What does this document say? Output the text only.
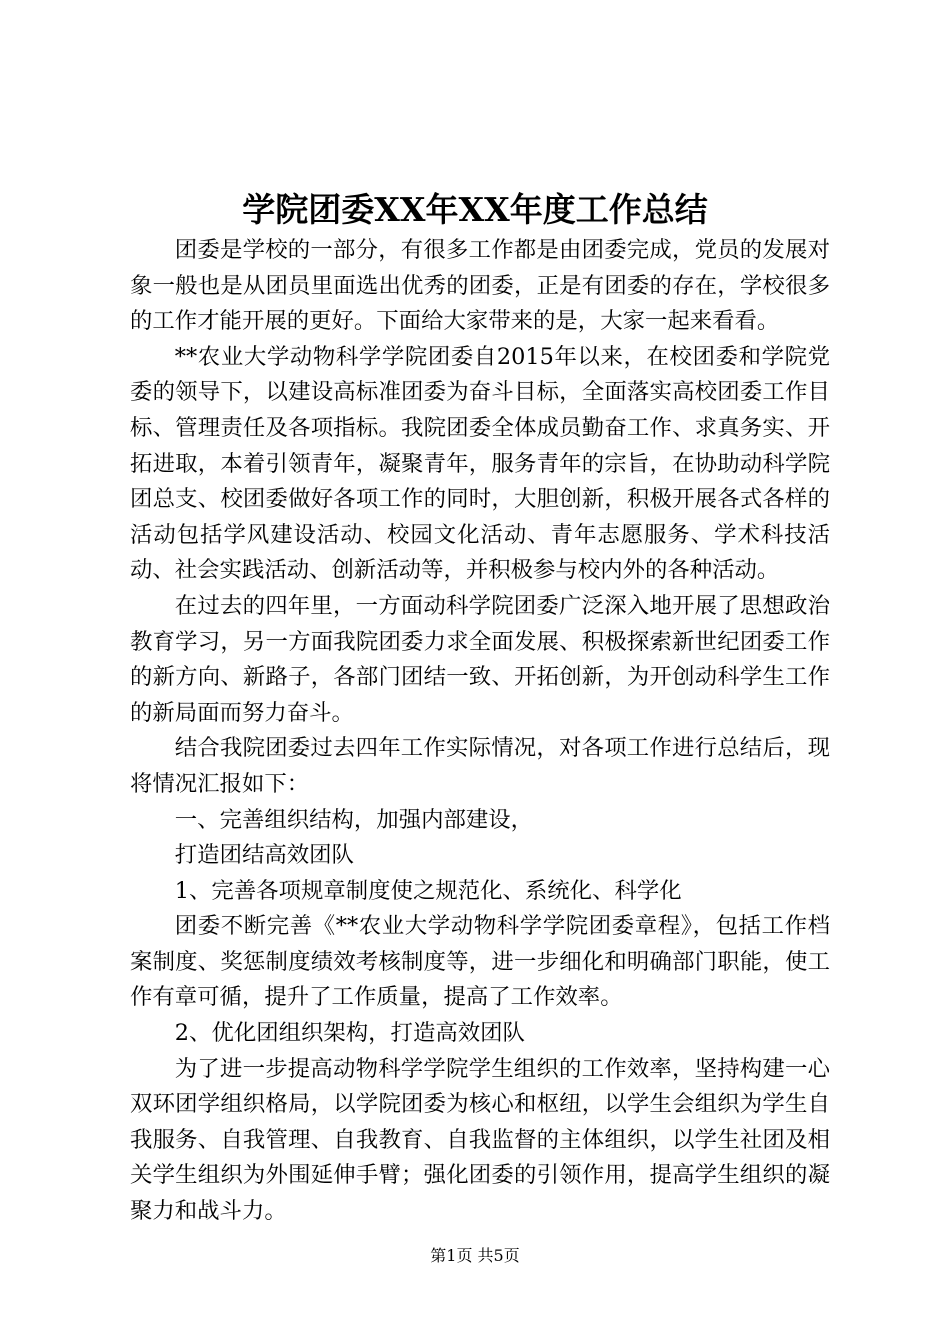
学院团委XX年XX年度工作总结

团委是学校的一部分，有很多工作都是由团委完成，党员的发展对象一般也是从团员里面选出优秀的团委，正是有团委的存在，学校很多的工作才能开展的更好。下面给大家带来的是，大家一起来看看。

**农业大学动物科学学院团委自2015年以来，在校团委和学院党委的领导下，以建设高标准团委为奋斗目标，全面落实高校团委工作目标、管理责任及各项指标。我院团委全体成员勤奋工作、求真务实、开拓进取，本着引领青年，凝聚青年，服务青年的宗旨，在协助动科学院团总支、校团委做好各项工作的同时，大胆创新，积极开展各式各样的活动包括学风建设活动、校园文化活动、青年志愿服务、学术科技活动、社会实践活动、创新活动等，并积极参与校内外的各种活动。

在过去的四年里，一方面动科学院团委广泛深入地开展了思想政治教育学习，另一方面我院团委力求全面发展、积极探索新世纪团委工作的新方向、新路子，各部门团结一致、开拓创新，为开创动科学生工作的新局面而努力奋斗。

结合我院团委过去四年工作实际情况，对各项工作进行总结后，现将情况汇报如下：

一、完善组织结构，加强内部建设，

打造团结高效团队

1、完善各项规章制度使之规范化、系统化、科学化

团委不断完善《**农业大学动物科学学院团委章程》，包括工作档案制度、奖惩制度绩效考核制度等，进一步细化和明确部门职能，使工作有章可循，提升了工作质量，提高了工作效率。

2、优化团组织架构，打造高效团队

为了进一步提高动物科学学院学生组织的工作效率，坚持构建一心双环团学组织格局，以学院团委为核心和枢纽，以学生会组织为学生自我服务、自我管理、自我教育、自我监督的主体组织，以学生社团及相关学生组织为外围延伸手臂；强化团委的引领作用，提高学生组织的凝聚力和战斗力。

第1页 共5页
